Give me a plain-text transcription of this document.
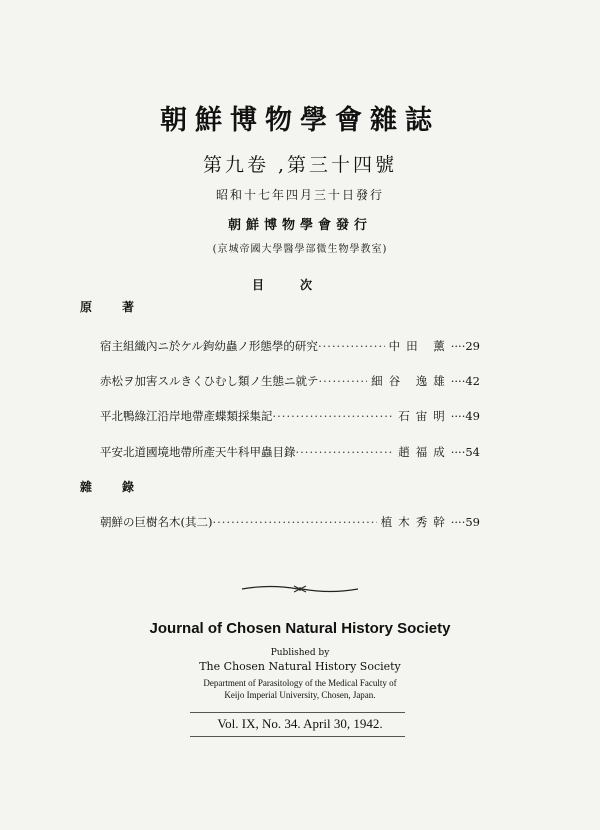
朝鮮博物學會雜誌
第九卷 ,第三十四號
昭和十七年四月三十日發行
朝鮮博物學會發行
(京城帝國大學醫學部微生物學教室)
目次
原著
宿主組織內ニ於ケル鉤幼蟲ノ形態學的研究 ·····	中田 薰 ····29
赤松ヲ加害スルきくひむし類ノ生態ニ就テ ·····	細谷 逸雄 ····42
平北鴨綠江沿岸地帶產蝶類採集記 ·····	石宙明 ····49
平安北道國境地帶所產天牛科甲蟲目錄 ·····	趙福成 ····54
雜錄
朝鮮の巨樹名木(其二) ·····	植木秀幹 ····59
Journal of Chosen Natural History Society
Published by
The Chosen Natural History Society
Department of Parasitology of the Medical Faculty of
Keijo Imperial University, Chosen, Japan.
Vol. IX, No. 34. April 30, 1942.
